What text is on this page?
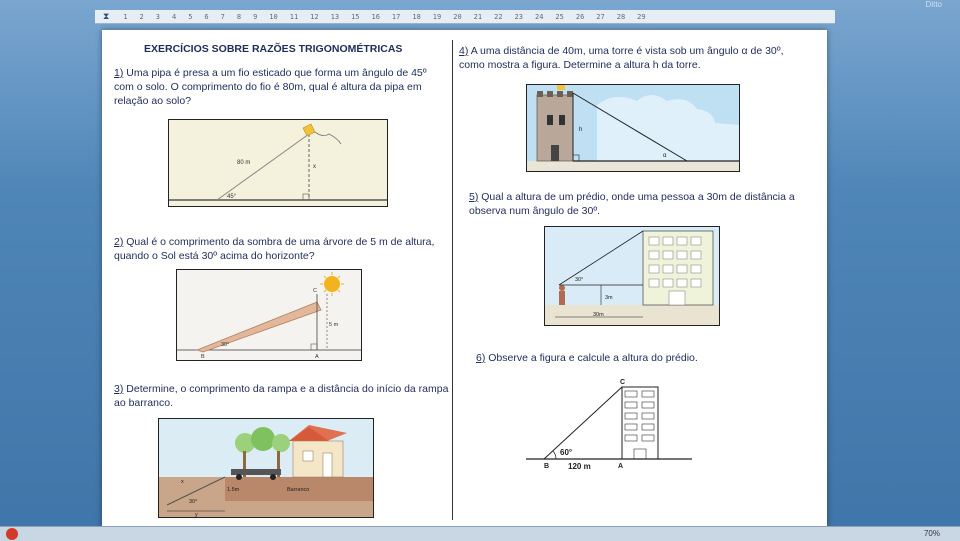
Ditto
⧗ 1 2 3 4 5 6 7 8 9 10 11 12 13 15 16 17 18 19 20 21 22 23 24 25 26 27 28 29
EXERCÍCIOS SOBRE RAZÕES TRIGONOMÉTRICAS
1) Uma pipa é presa a um fio esticado que forma um ângulo de 45º com o solo. O comprimento do fio é 80m, qual é altura da pipa em relação ao solo?
80 m
x
45°
2) Qual é o comprimento da sombra de uma árvore de 5 m de altura, quando o Sol está 30º acima do horizonte?
5 m
30°
B	A
C
3) Determine, o comprimento da rampa e a distância do início da rampa ao barranco.
x
30°
1.5m	Barranco
y
4) A uma distância de 40m, uma torre é vista sob um ângulo α de 30º, como mostra a figura. Determine a altura h da torre.
h
α
5) Qual a altura de um prédio, onde uma pessoa a 30m de distância a observa num ângulo de 30º.
30°
3m
30m
6) Observe a figura e calcule a altura do prédio.
C
60°
B 120 m	A
70%
